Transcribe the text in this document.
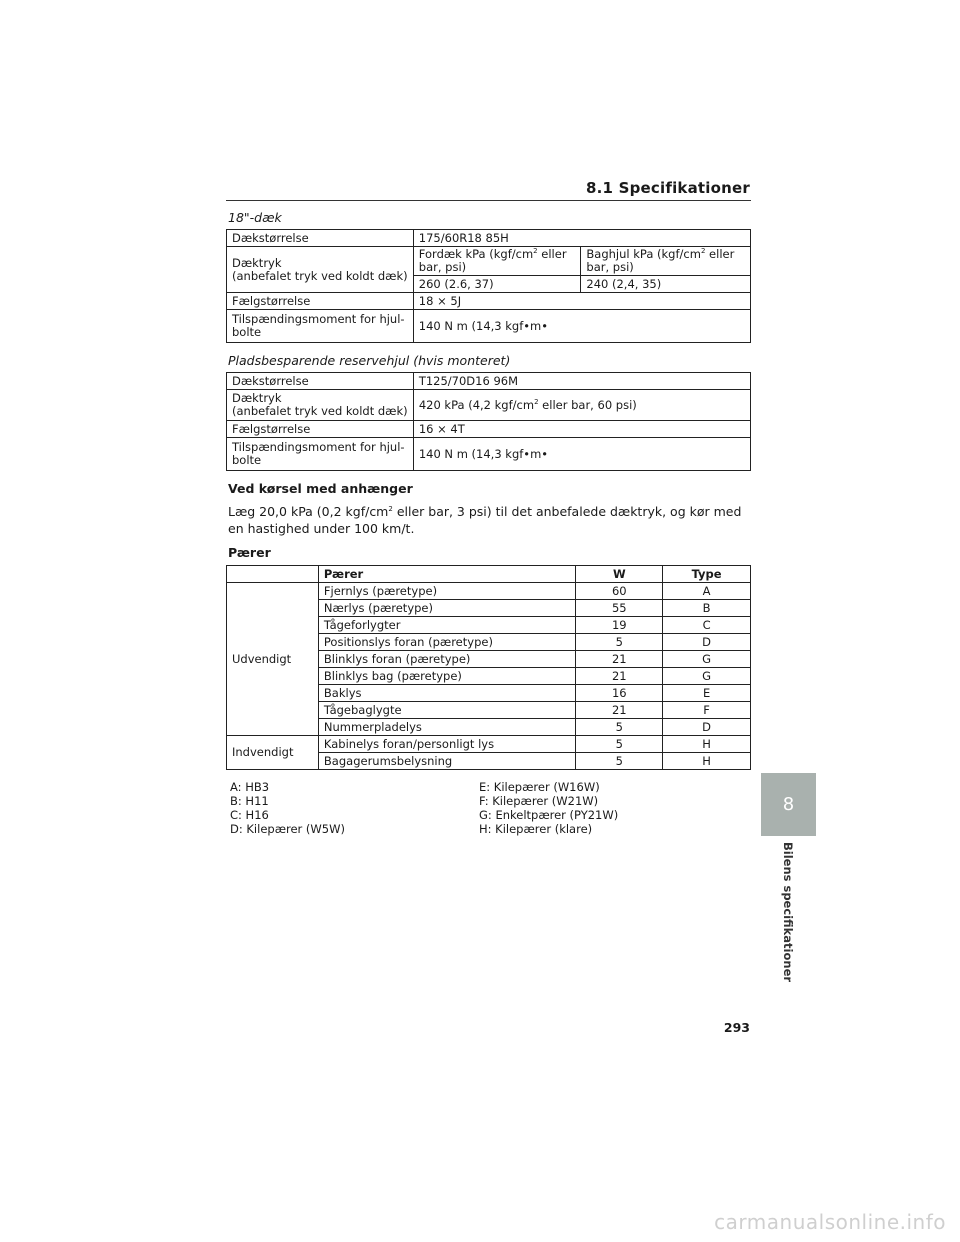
8.1 Specifikationer
18"-dæk
Dækstørrelse	175/60R18 85H	
Dæktryk
(anbefalet tryk ved koldt dæk)	Fordæk kPa ($kgf/cm^2$ eller bar, psi)	Baghjul kPa ($kgf/cm^2$ eller bar, psi)
	260 (2.6, 37)	240 (2,4, 35)
Fælgstørrelse	18 × 5J	
Tilspændingsmoment for hjul-
bolte	140 N m (14,3 kgf•m•	
Pladsbesparende reservehjul (hvis monteret)
Dækstørrelse	T125/70D16 96M
Dæktryk
(anbefalet tryk ved koldt dæk)	420 kPa (4,2 kgf/$cm^2$ eller bar, 60 psi)
Fælgstørrelse	16 × 4T
Tilspændingsmoment for hjul-
bolte	140 N m (14,3 kgf•m•
Ved kørsel med anhænger
Læg 20,0 kPa (0,2 kgf/$cm^2$ eller bar, 3 psi) til det anbefalede dæktryk, og kør med en hastighed under 100 km/t.
Pærer
	Pærer	W	Type
Udvendigt	Fjernlys (pæretype)	60	A
	Nærlys (pæretype)	55	B
	Tågeforlygter	19	C
	Positionslys foran (pæretype)	5	D
	Blinklys foran (pæretype)	21	G
	Blinklys bag (pæretype)	21	G
	Baklys	16	E
	Tågebaglygte	21	F
	Nummerpladelys	5	D
Indvendigt	Kabinelys foran/personligt lys	5	H
	Bagagerumsbelysning	5	H
A: HB3
B: H11
C: H16
D: Kilepærer (W5W)
E: Kilepærer (W16W)
F: Kilepærer (W21W)
G: Enkeltpærer (PY21W)
H: Kilepærer (klare)
8
Bilens specifikationer
293
carmanualsonline.info
